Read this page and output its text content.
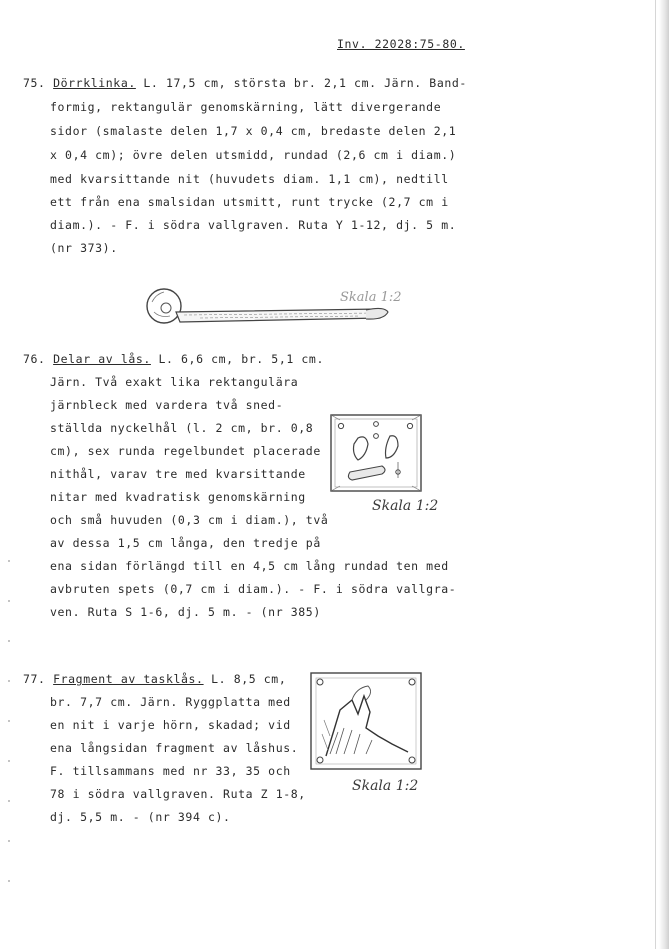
Inv. 22028:75-80.
75. Dörrklinka. L. 17,5 cm, största br. 2,1 cm. Järn. Band-
formig, rektangulär genomskärning, lätt divergerande
sidor (smalaste delen 1,7 x 0,4 cm, bredaste delen 2,1
x 0,4 cm); övre delen utsmidd, rundad (2,6 cm i diam.)
med kvarsittande nit (huvudets diam. 1,1 cm), nedtill
ett från ena smalsidan utsmitt, runt trycke (2,7 cm i
diam.). - F. i södra vallgraven. Ruta Y 1-12, dj. 5 m.
(nr 373).
Skala 1:2
76. Delar av lås. L. 6,6 cm, br. 5,1 cm.
Järn. Två exakt lika rektangulära
järnbleck med vardera två sned-
ställda nyckelhål (l. 2 cm, br. 0,8
cm), sex runda regelbundet placerade
nithål, varav tre med kvarsittande
nitar med kvadratisk genomskärning
och små huvuden (0,3 cm i diam.), två
av dessa 1,5 cm långa, den tredje på
ena sidan förlängd till en 4,5 cm lång rundad ten med
avbruten spets (0,7 cm i diam.). - F. i södra vallgra-
ven. Ruta S 1-6, dj. 5 m. - (nr 385)
Skala 1:2
77. Fragment av tasklås. L. 8,5 cm,
br. 7,7 cm. Järn. Ryggplatta med
en nit i varje hörn, skadad; vid
ena långsidan fragment av låshus.
F. tillsammans med nr 33, 35 och
78 i södra vallgraven. Ruta Z 1-8,
dj. 5,5 m. - (nr 394 c).
Skala 1:2
